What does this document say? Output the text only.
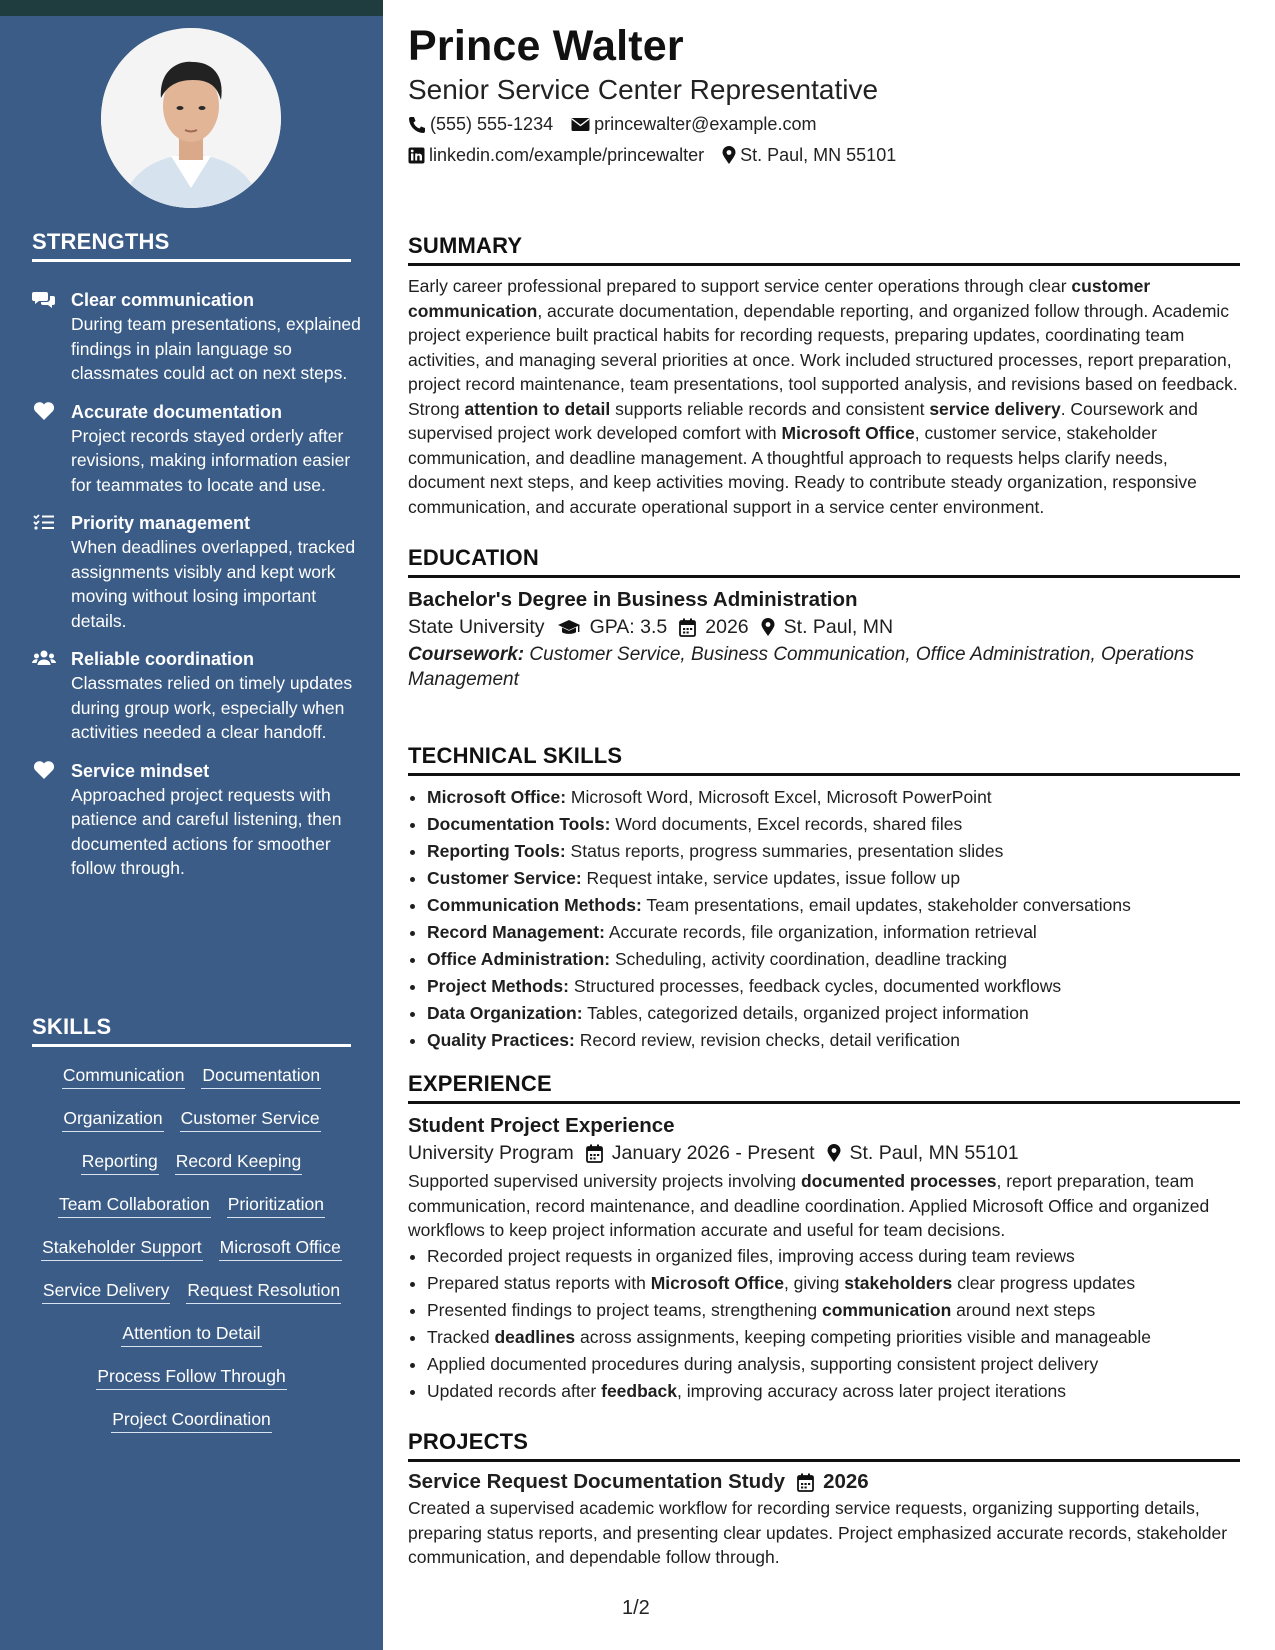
STRENGTHS
Clear communication
During team presentations, explained findings in plain language so classmates could act on next steps.
Accurate documentation
Project records stayed orderly after revisions, making information easier for teammates to locate and use.
Priority management
When deadlines overlapped, tracked assignments visibly and kept work moving without losing important details.
Reliable coordination
Classmates relied on timely updates during group work, especially when activities needed a clear handoff.
Service mindset
Approached project requests with patience and careful listening, then documented actions for smoother follow through.
SKILLS
Communication Documentation
Organization Customer Service
Reporting Record Keeping
Team Collaboration Prioritization
Stakeholder Support Microsoft Office
Service Delivery Request Resolution
Attention to Detail
Process Follow Through
Project Coordination
Prince Walter
Senior Service Center Representative
(555) 555-1234 princewalter@example.com
linkedin.com/example/princewalter St. Paul, MN 55101
SUMMARY

Early career professional prepared to support service center operations through clear customer communication, accurate documentation, dependable reporting, and organized follow through. Academic project experience built practical habits for recording requests, preparing updates, coordinating team activities, and managing several priorities at once. Work included structured processes, report preparation, project record maintenance, team presentations, tool supported analysis, and revisions based on feedback. Strong attention to detail supports reliable records and consistent service delivery. Coursework and supervised project work developed comfort with Microsoft Office, customer service, stakeholder communication, and deadline management. A thoughtful approach to requests helps clarify needs, document next steps, and keep activities moving. Ready to contribute steady organization, responsive communication, and accurate operational support in a service center environment.

EDUCATION
Bachelor's Degree in Business Administration
State University GPA: 3.5 2026 St. Paul, MN

Coursework: Customer Service, Business Communication, Office Administration, Operations Management

TECHNICAL SKILLS
• Microsoft Office: Microsoft Word, Microsoft Excel, Microsoft PowerPoint
• Documentation Tools: Word documents, Excel records, shared files
• Reporting Tools: Status reports, progress summaries, presentation slides
• Customer Service: Request intake, service updates, issue follow up
• Communication Methods: Team presentations, email updates, stakeholder conversations
• Record Management: Accurate records, file organization, information retrieval
• Office Administration: Scheduling, activity coordination, deadline tracking
• Project Methods: Structured processes, feedback cycles, documented workflows
• Data Organization: Tables, categorized details, organized project information
• Quality Practices: Record review, revision checks, detail verification
EXPERIENCE
Student Project Experience
University Program January 2026 - Present St. Paul, MN 55101

Supported supervised university projects involving documented processes, report preparation, team communication, record maintenance, and deadline coordination. Applied Microsoft Office and organized workflows to keep project information accurate and useful for team decisions.

• Recorded project requests in organized files, improving access during team reviews
• Prepared status reports with Microsoft Office, giving stakeholders clear progress updates
• Presented findings to project teams, strengthening communication around next steps
• Tracked deadlines across assignments, keeping competing priorities visible and manageable
• Applied documented procedures during analysis, supporting consistent project delivery
• Updated records after feedback, improving accuracy across later project iterations
PROJECTS
Service Request Documentation Study 2026

Created a supervised academic workflow for recording service requests, organizing supporting details, preparing status reports, and presenting clear updates. Project emphasized accurate records, stakeholder communication, and dependable follow through.

1/2
